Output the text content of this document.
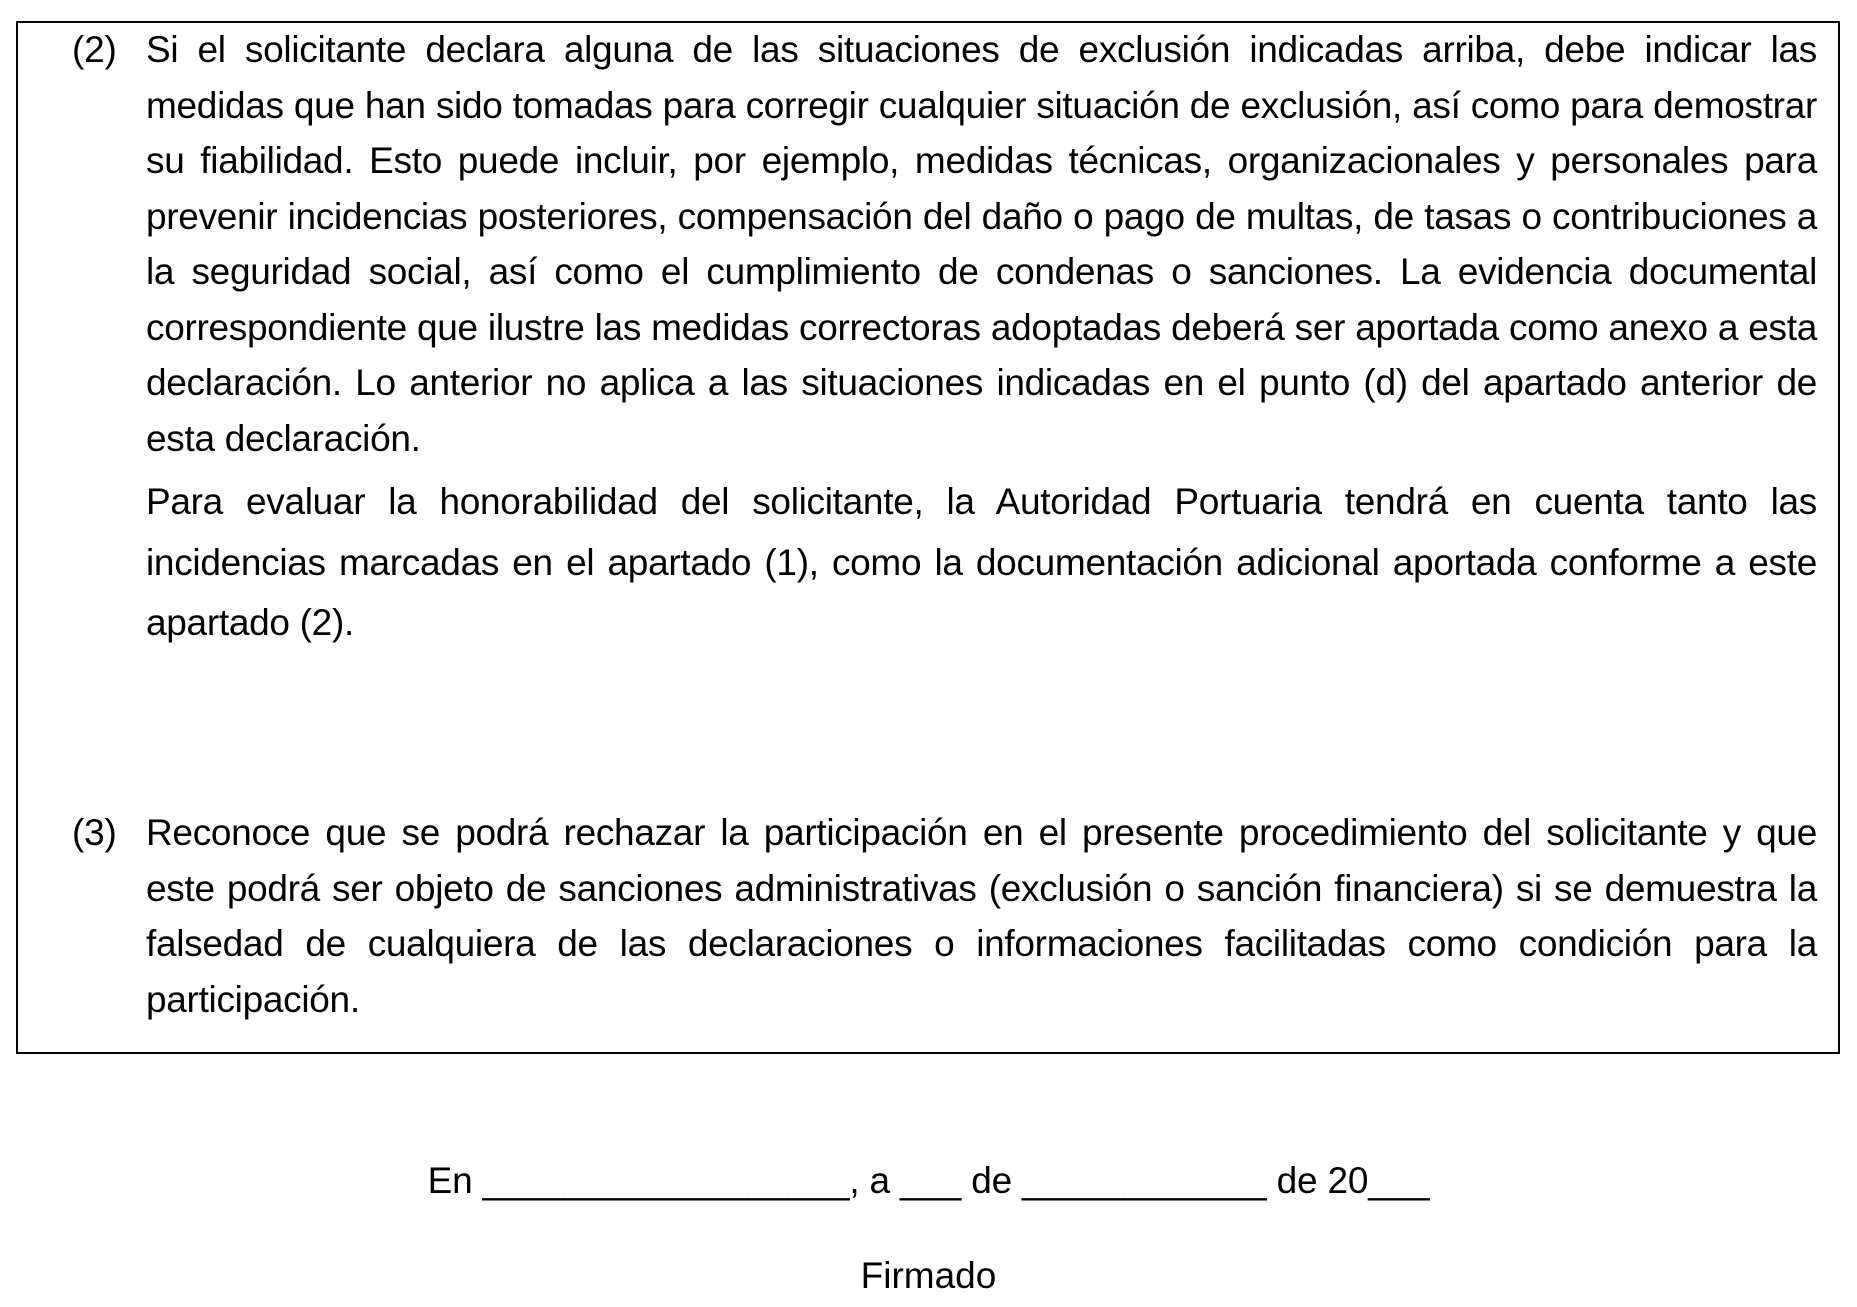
(2) Si el solicitante declara alguna de las situaciones de exclusión indicadas arriba, debe indicar las medidas que han sido tomadas para corregir cualquier situación de exclusión, así como para demostrar su fiabilidad. Esto puede incluir, por ejemplo, medidas técnicas, organizacionales y personales para prevenir incidencias posteriores, compensación del daño o pago de multas, de tasas o contribuciones a la seguridad social, así como el cumplimiento de condenas o sanciones. La evidencia documental correspondiente que ilustre las medidas correctoras adoptadas deberá ser aportada como anexo a esta declaración. Lo anterior no aplica a las situaciones indicadas en el punto (d) del apartado anterior de esta declaración.

Para evaluar la honorabilidad del solicitante, la Autoridad Portuaria tendrá en cuenta tanto las incidencias marcadas en el apartado (1), como la documentación adicional aportada conforme a este apartado (2).

(3) Reconoce que se podrá rechazar la participación en el presente procedimiento del solicitante y que este podrá ser objeto de sanciones administrativas (exclusión o sanción financiera) si se demuestra la falsedad de cualquiera de las declaraciones o informaciones facilitadas como condición para la participación.

En __________________, a ___ de ____________ de 20___
Firmado
